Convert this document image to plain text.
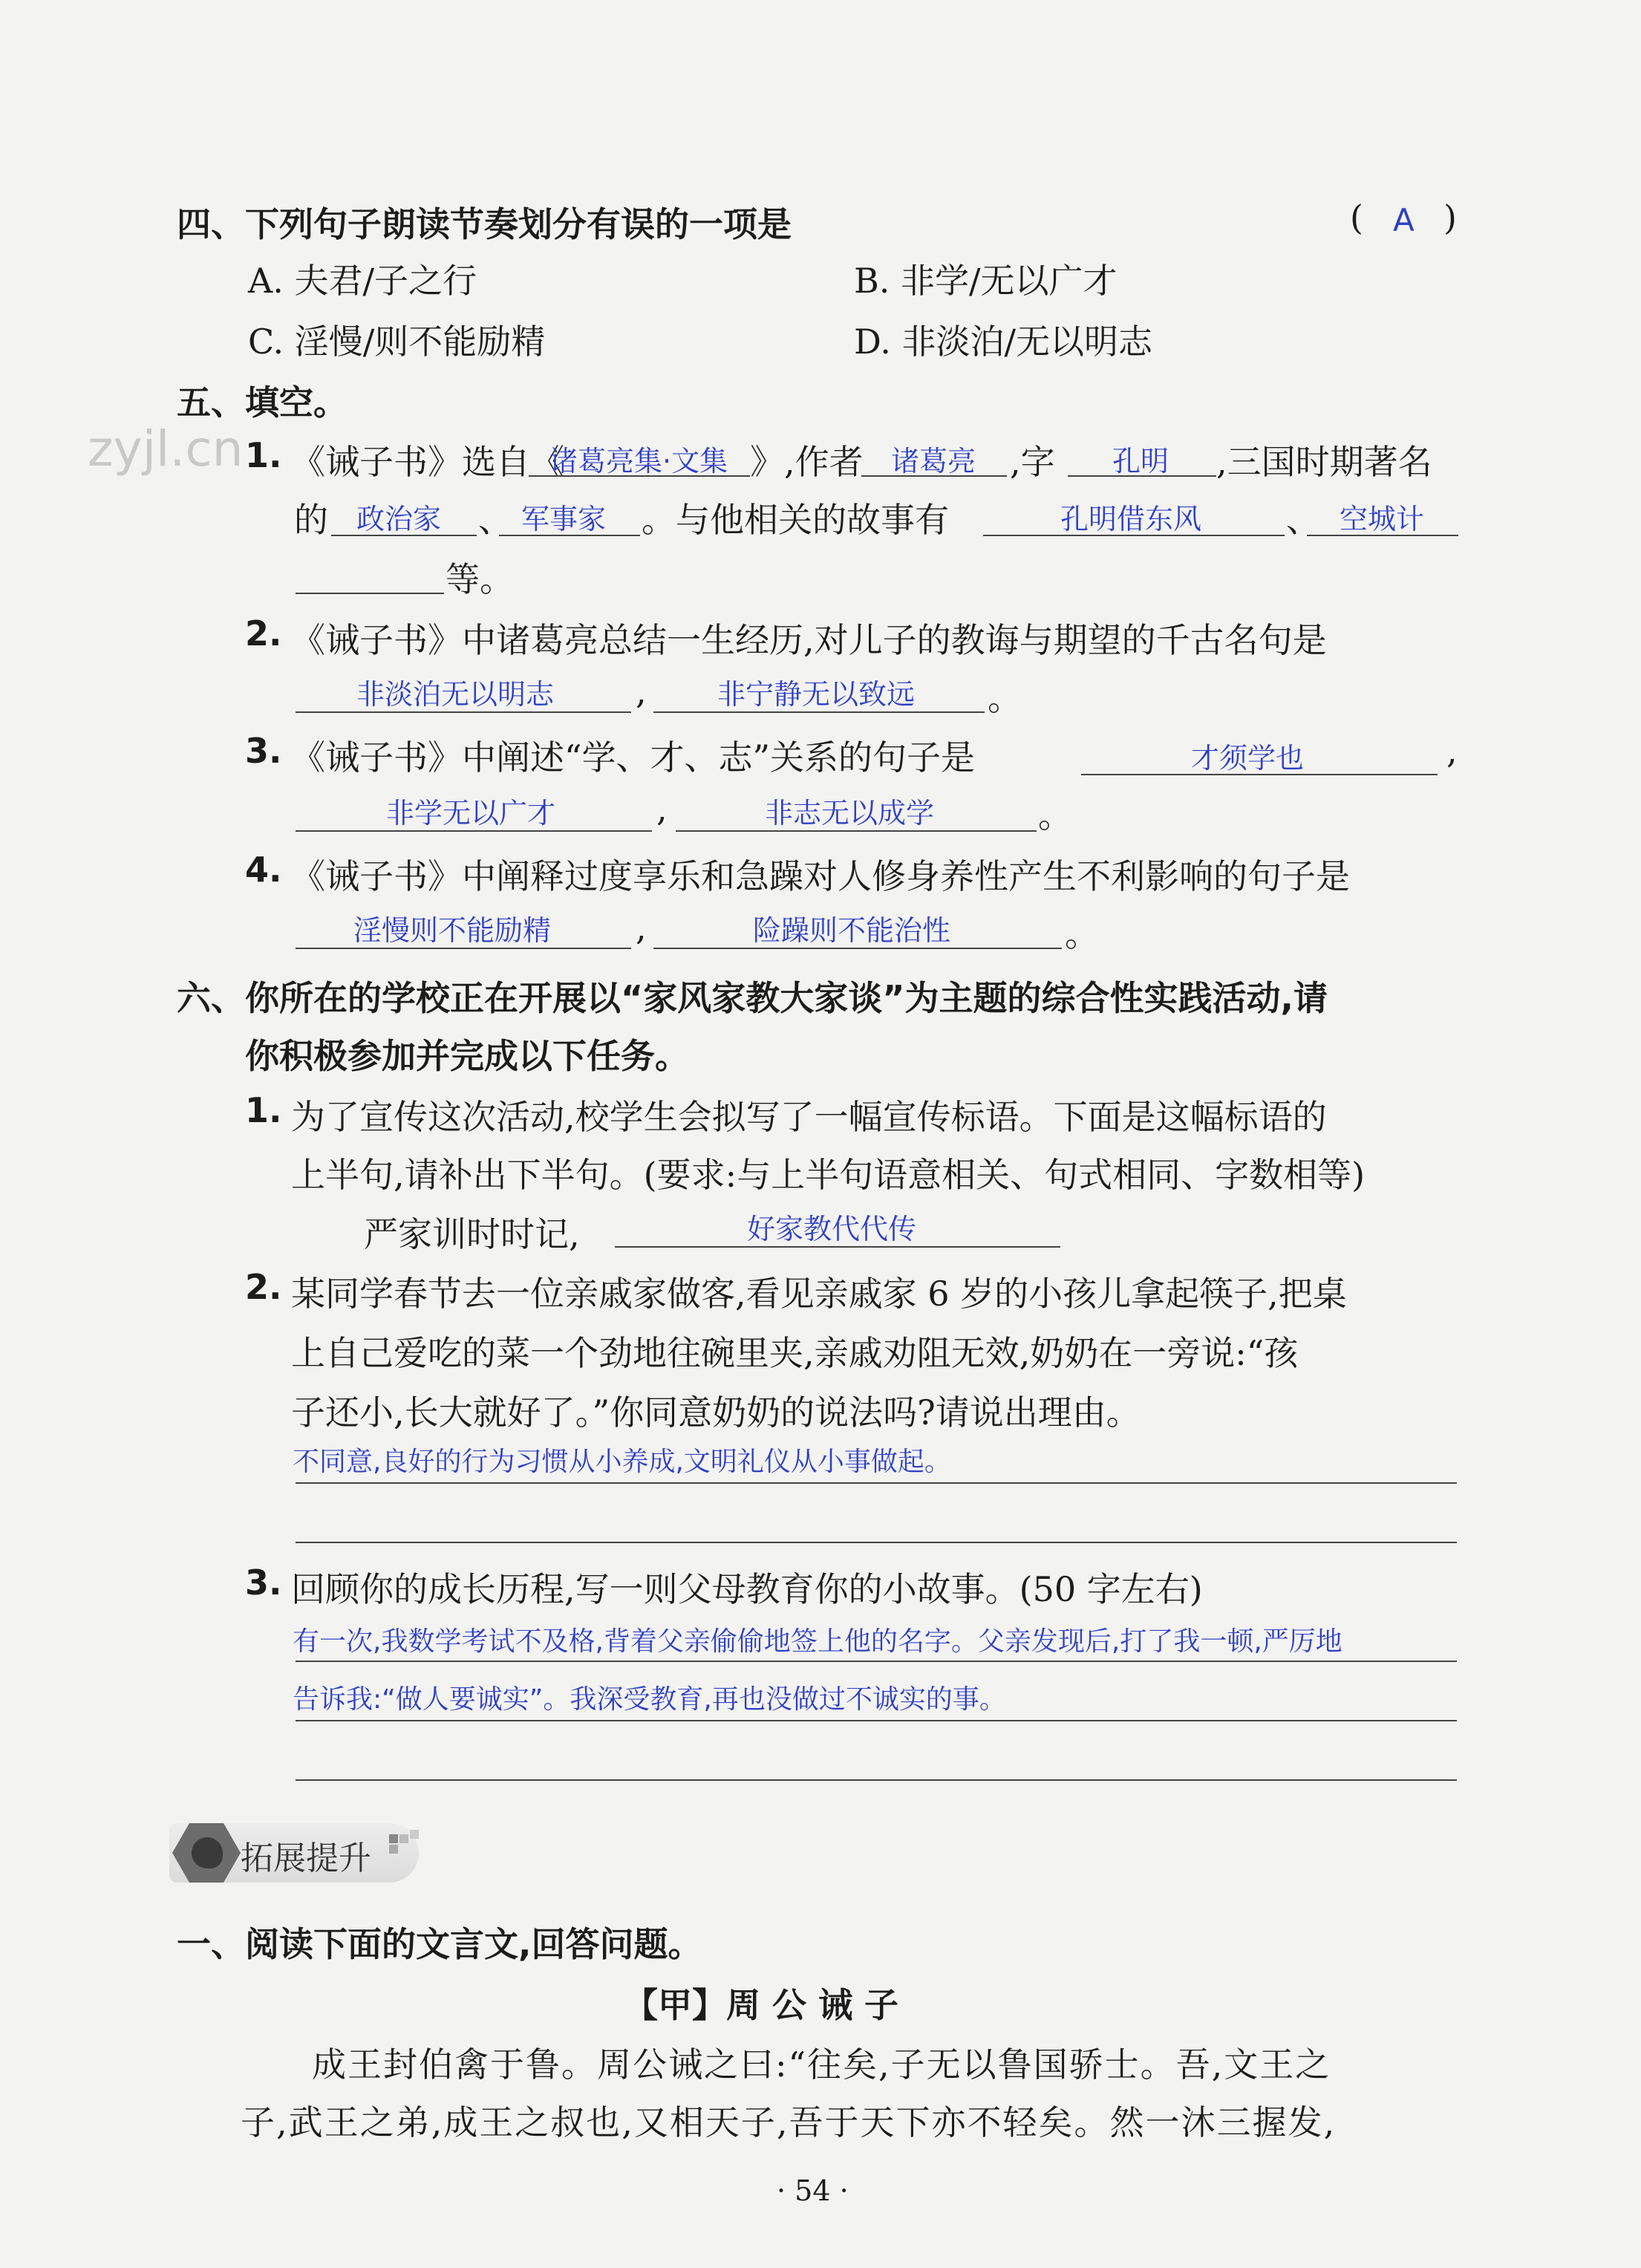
四、下列句子朗读节奏划分有误的一项是	( A )
A. 夫君/子之行	B. 非学/无以广才
C. 淫慢/则不能励精	D. 非淡泊/无以明志
五、填空。
zyjl.cn 1. 《诫子书》选自《
诸葛亮集·文集 》,作者 诸葛亮 ,字 孔明 ,三国时期著名
的 政治家 、 军事家 。与他相关的故事有	孔明借东风 、 空城计
等。
2. 《诫子书》中诸葛亮总结一生经历,对儿子的教诲与期望的千古名句是
非淡泊无以明志 ,	非宁静无以致远 。
3. 《诫子书》中阐述“学、才、志”关系的句子是	才须学也	,
非学无以广才	,	非志无以成学	。
4. 《诫子书》中阐释过度享乐和急躁对人修身养性产生不利影响的句子是
淫慢则不能励精 ,	险躁则不能治性	。
六、你所在的学校正在开展以“家风家教大家谈”为主题的综合性实践活动,请
你积极参加并完成以下任务。
1. 为了宣传这次活动,校学生会拟写了一幅宣传标语。下面是这幅标语的
上半句,请补出下半句。(要求:与上半句语意相关、句式相同、字数相等)
严家训时时记,	好家教代代传
2. 某同学春节去一位亲戚家做客,看见亲戚家 6 岁的小孩儿拿起筷子,把桌
上自己爱吃的菜一个劲地往碗里夹,亲戚劝阻无效,奶奶在一旁说:“孩
子还小,长大就好了。”你同意奶奶的说法吗?请说出理由。
不同意,良好的行为习惯从小养成,文明礼仪从小事做起。
3. 回顾你的成长历程,写一则父母教育你的小故事。(50 字左右)
有一次,我数学考试不及格,背着父亲偷偷地签上他的名字。父亲发现后,打了我一顿,严厉地
告诉我:“做人要诚实”。我深受教育,再也没做过不诚实的事。
拓展提升
一、阅读下面的文言文,回答问题。
【甲】周 公 诫 子
成王封伯禽于鲁。周公诫之曰:“往矣,子无以鲁国骄士。吾,文王之
子,武王之弟,成王之叔也,又相天子,吾于天下亦不轻矣。然一沐三握发,
· 54 ·
